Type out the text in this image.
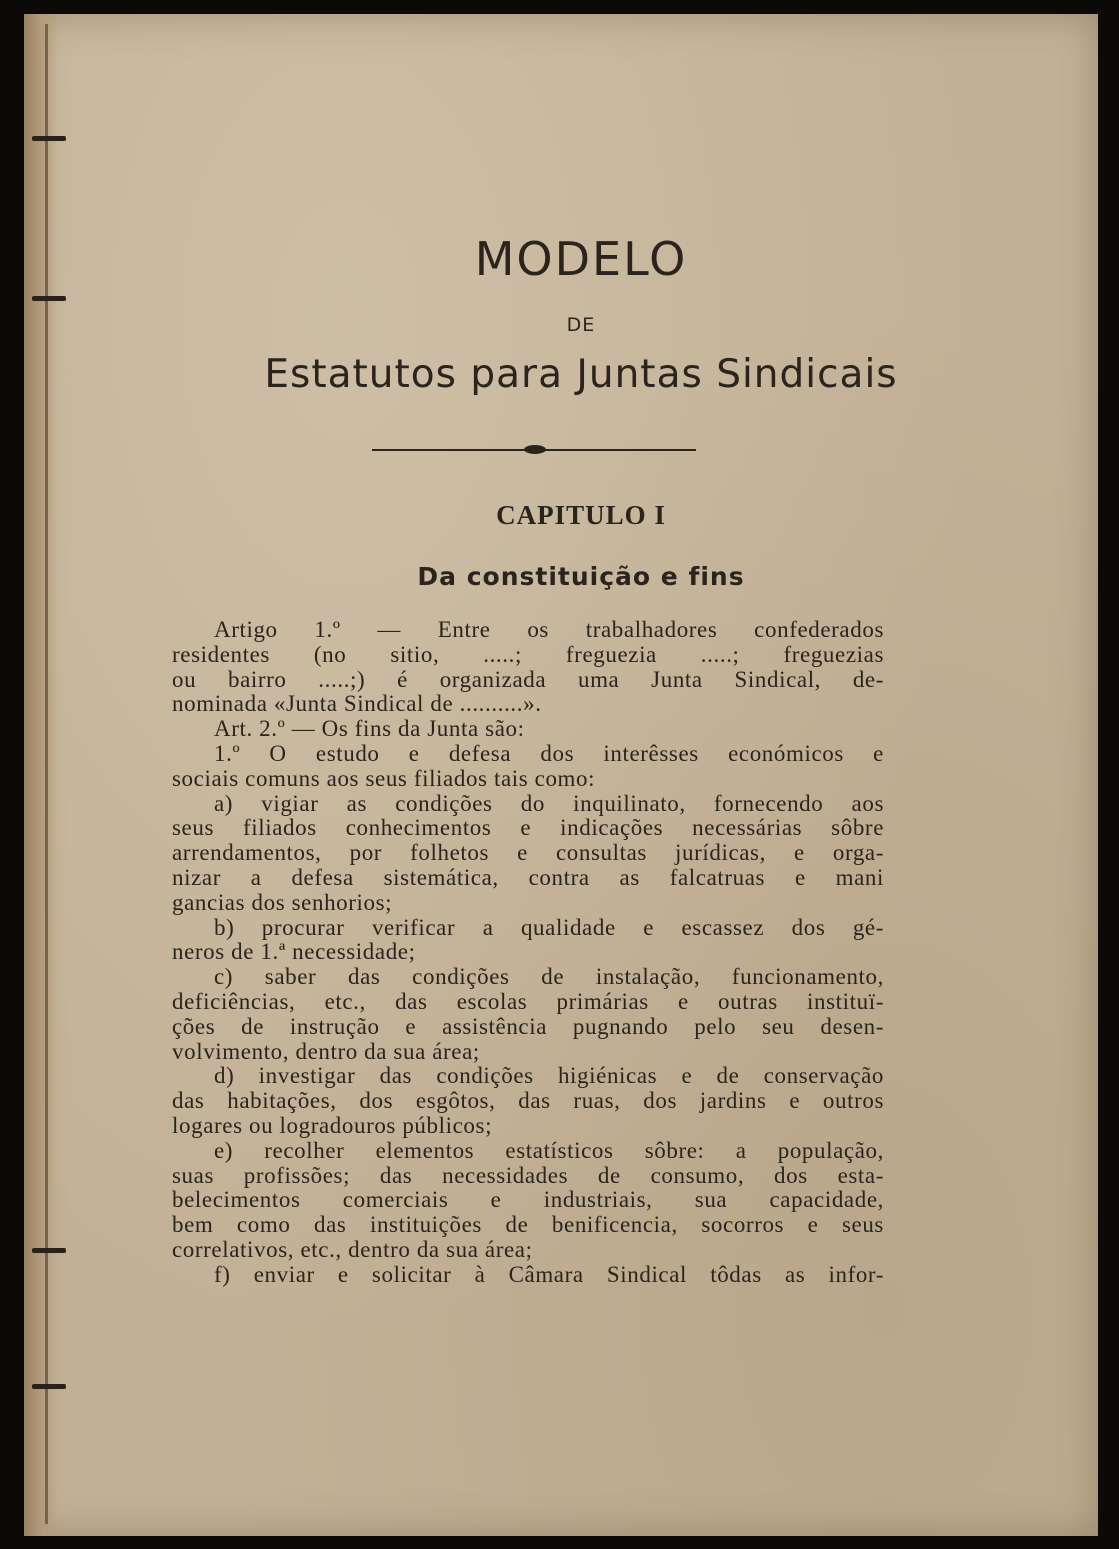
MODELO
DE
Estatutos para Juntas Sindicais
CAPITULO I
Da constituição e fins
Artigo 1.º — Entre os trabalhadores confederados
residentes (no sitio, .....; freguezia .....; freguezias
ou bairro .....;) é organizada uma Junta Sindical, de-
nominada «Junta Sindical de ..........».
Art. 2.º — Os fins da Junta são:
1.º O estudo e defesa dos interêsses económicos e
sociais comuns aos seus filiados tais como:
a) vigiar as condições do inquilinato, fornecendo aos
seus filiados conhecimentos e indicações necessárias sôbre
arrendamentos, por folhetos e consultas jurídicas, e orga-
nizar a defesa sistemática, contra as falcatruas e mani
gancias dos senhorios;
b) procurar verificar a qualidade e escassez dos gé-
neros de 1.ª necessidade;
c) saber das condições de instalação, funcionamento,
deficiências, etc., das escolas primárias e outras instituï-
ções de instrução e assistência pugnando pelo seu desen-
volvimento, dentro da sua área;
d) investigar das condições higiénicas e de conservação
das habitações, dos esgôtos, das ruas, dos jardins e outros
logares ou logradouros públicos;
e) recolher elementos estatísticos sôbre: a população,
suas profissões; das necessidades de consumo, dos esta-
belecimentos comerciais e industriais, sua capacidade,
bem como das instituições de benificencia, socorros e seus
correlativos, etc., dentro da sua área;
f) enviar e solicitar à Câmara Sindical tôdas as infor-
